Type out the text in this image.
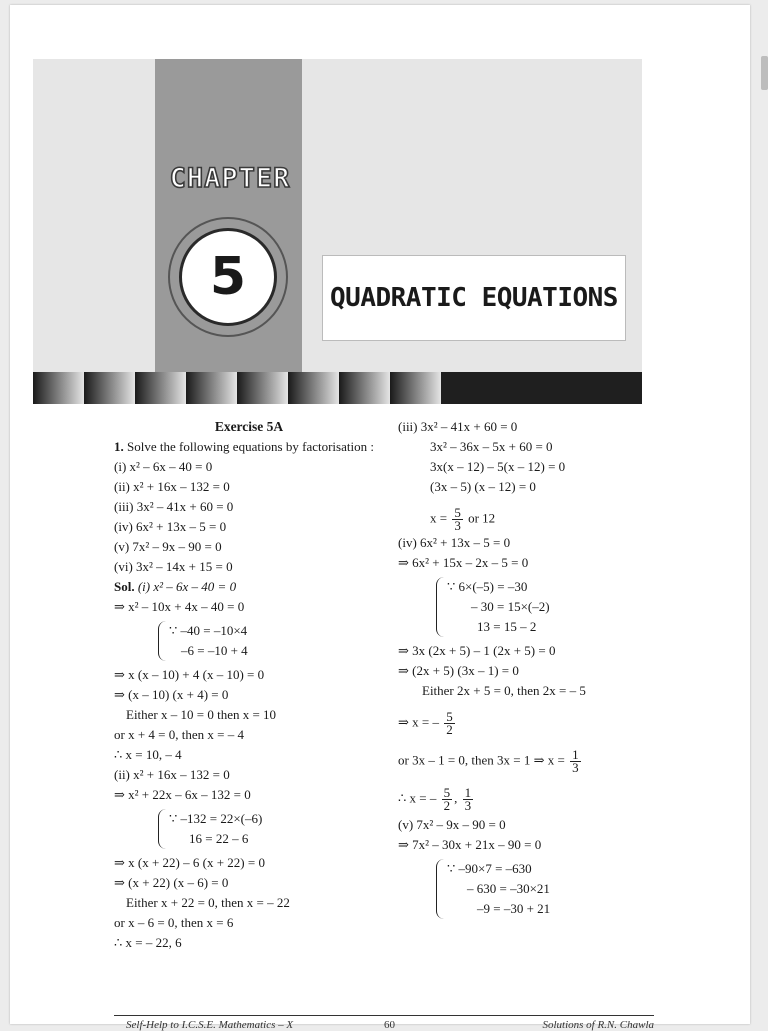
CHAPTER
5	QUADRATIC EQUATIONS
Exercise 5A
1. Solve the following equations by factorisation :
(i) x² – 6x – 40 = 0
(ii) x² + 16x – 132 = 0
(iii) 3x² – 41x + 60 = 0
(iv) 6x² + 13x – 5 = 0
(v) 7x² – 9x – 90 = 0
(vi) 3x² – 14x + 15 = 0
Sol. (i) x² – 6x – 40 = 0
⇒ x² – 10x + 4x – 40 = 0
∵ –40 = –10×4
–6 = –10 + 4
⇒ x (x – 10) + 4 (x – 10) = 0
⇒ (x – 10) (x + 4) = 0
Either x – 10 = 0 then x = 10
or x + 4 = 0, then x = – 4
∴ x = 10, – 4
(ii) x² + 16x – 132 = 0
⇒ x² + 22x – 6x – 132 = 0
∵ –132 = 22×(–6)
16 = 22 – 6
⇒ x (x + 22) – 6 (x + 22) = 0
⇒ (x + 22) (x – 6) = 0
Either x + 22 = 0, then x = – 22
or x – 6 = 0, then x = 6
∴ x = – 22, 6
(iii) 3x² – 41x + 60 = 0
3x² – 36x – 5x + 60 = 0
3x(x – 12) – 5(x – 12) = 0
(3x – 5) (x – 12) = 0
$x = \frac{5}{3}$ or 12
(iv) 6x² + 13x – 5 = 0
⇒ 6x² + 15x – 2x – 5 = 0
∵ 6×(–5) = –30
– 30 = 15×(–2)
13 = 15 – 2
⇒ 3x (2x + 5) – 1 (2x + 5) = 0
⇒ (2x + 5) (3x – 1) = 0
Either 2x + 5 = 0, then 2x = – 5
⇒ x = – $\frac{5}{2}$
or 3x – 1 = 0, then 3x = 1 ⇒ $x = \frac{1}{3}$
∴ x = – $\frac{5}{2}$ , $\frac{1}{3}$
(v) 7x² – 9x – 90 = 0
⇒ 7x² – 30x + 21x – 90 = 0
∵ –90×7 = –630
– 630 = –30×21
–9 = –30 + 21
Self-Help to I.C.S.E. Mathematics – X	60	Solutions of R.N. Chawla
